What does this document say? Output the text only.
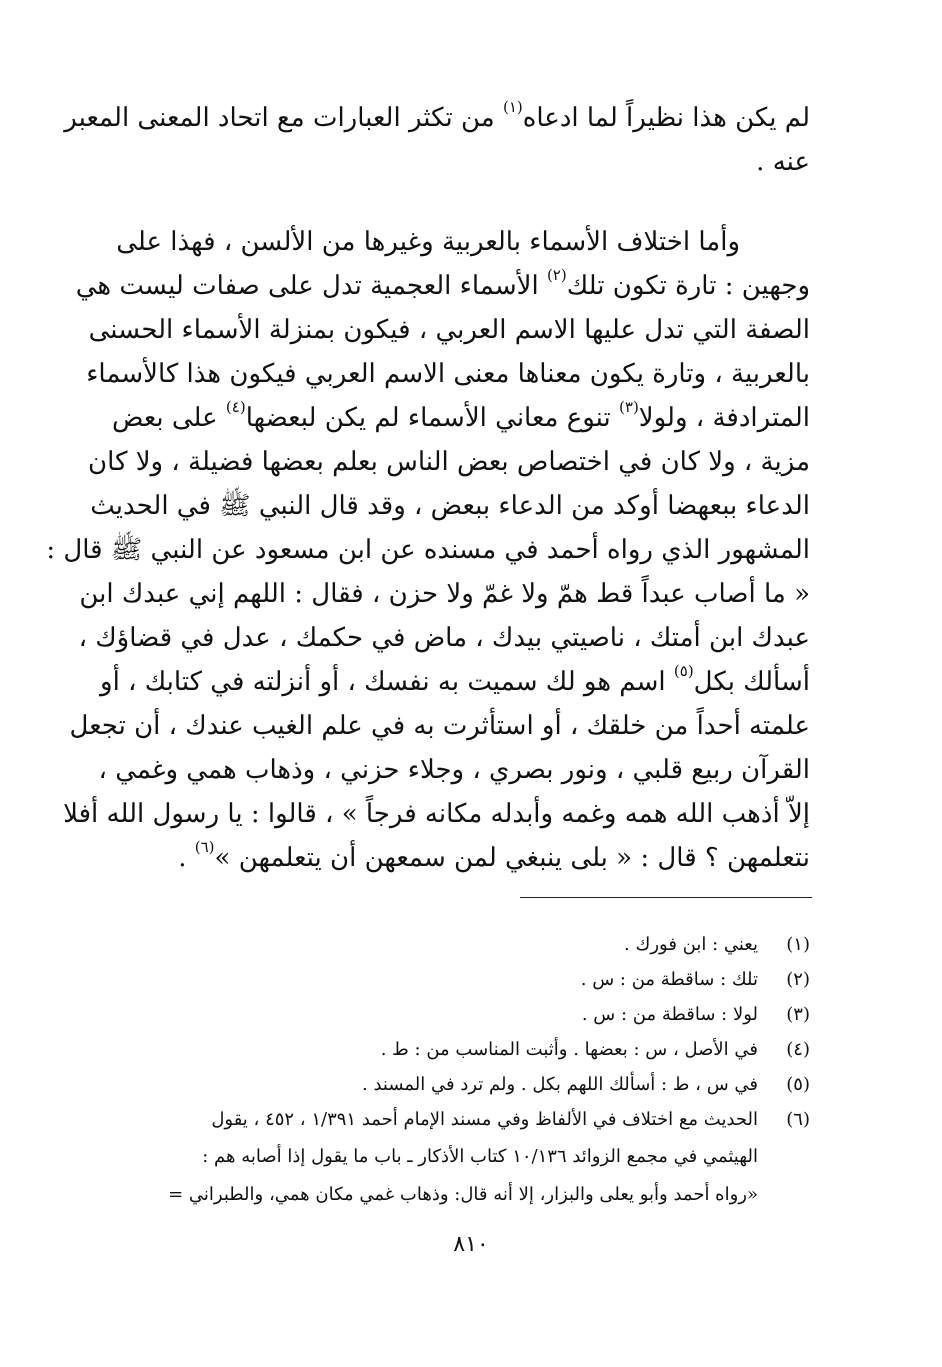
لم يكن هذا نظيراً لما ادعاه$^{(١)}$ من تكثر العبارات مع اتحاد المعنى المعبر
عنه .
وأما اختلاف الأسماء بالعربية وغيرها من الألسن ، فهذا على
وجهين : تارة تكون تلك$^{(٢)}$ الأسماء العجمية تدل على صفات ليست هي
الصفة التي تدل عليها الاسم العربي ، فيكون بمنزلة الأسماء الحسنى
بالعربية ، وتارة يكون معناها معنى الاسم العربي فيكون هذا كالأسماء
المترادفة ، ولولا$^{(٣)}$ تنوع معاني الأسماء لم يكن لبعضها$^{(٤)}$ على بعض
مزية ، ولا كان في اختصاص بعض الناس بعلم بعضها فضيلة ، ولا كان
الدعاء ببعهضا أوكد من الدعاء ببعض ، وقد قال النبي ﷺ في الحديث
المشهور الذي رواه أحمد في مسنده عن ابن مسعود عن النبي ﷺ قال :
« ما أصاب عبداً قط همّ ولا غمّ ولا حزن ، فقال : اللهم إني عبدك ابن
عبدك ابن أمتك ، ناصيتي بيدك ، ماض في حكمك ، عدل في قضاؤك ،
أسألك بكل$^{(٥)}$ اسم هو لك سميت به نفسك ، أو أنزلته في كتابك ، أو
علمته أحداً من خلقك ، أو استأثرت به في علم الغيب عندك ، أن تجعل
القرآن ربيع قلبي ، ونور بصري ، وجلاء حزني ، وذهاب همي وغمي ،
إلاّ أذهب الله همه وغمه وأبدله مكانه فرجاً » ، قالوا : يا رسول الله أفلا
نتعلمهن ؟ قال : « بلى ينبغي لمن سمعهن أن يتعلمهن »$^{(٦)}$ .
(١)
يعني : ابن فورك .
(٢)
تلك : ساقطة من : س .
(٣)
لولا : ساقطة من : س .
(٤)
في الأصل ، س : بعضها . وأثبت المناسب من : ط .
(٥)
في س ، ط : أسألك اللهم بكل . ولم ترد في المسند .
(٦)
الحديث مع اختلاف في الألفاظ وفي مسند الإمام أحمد ١/٣٩١ ، ٤٥٢ ، يقول
الهيثمي في مجمع الزوائد ١٠/١٣٦ كتاب الأذكار ـ باب ما يقول إذا أصابه هم :
«رواه أحمد وأبو يعلى والبزار، إلا أنه قال: وذهاب غمي مكان همي، والطبراني =
٨١٠
